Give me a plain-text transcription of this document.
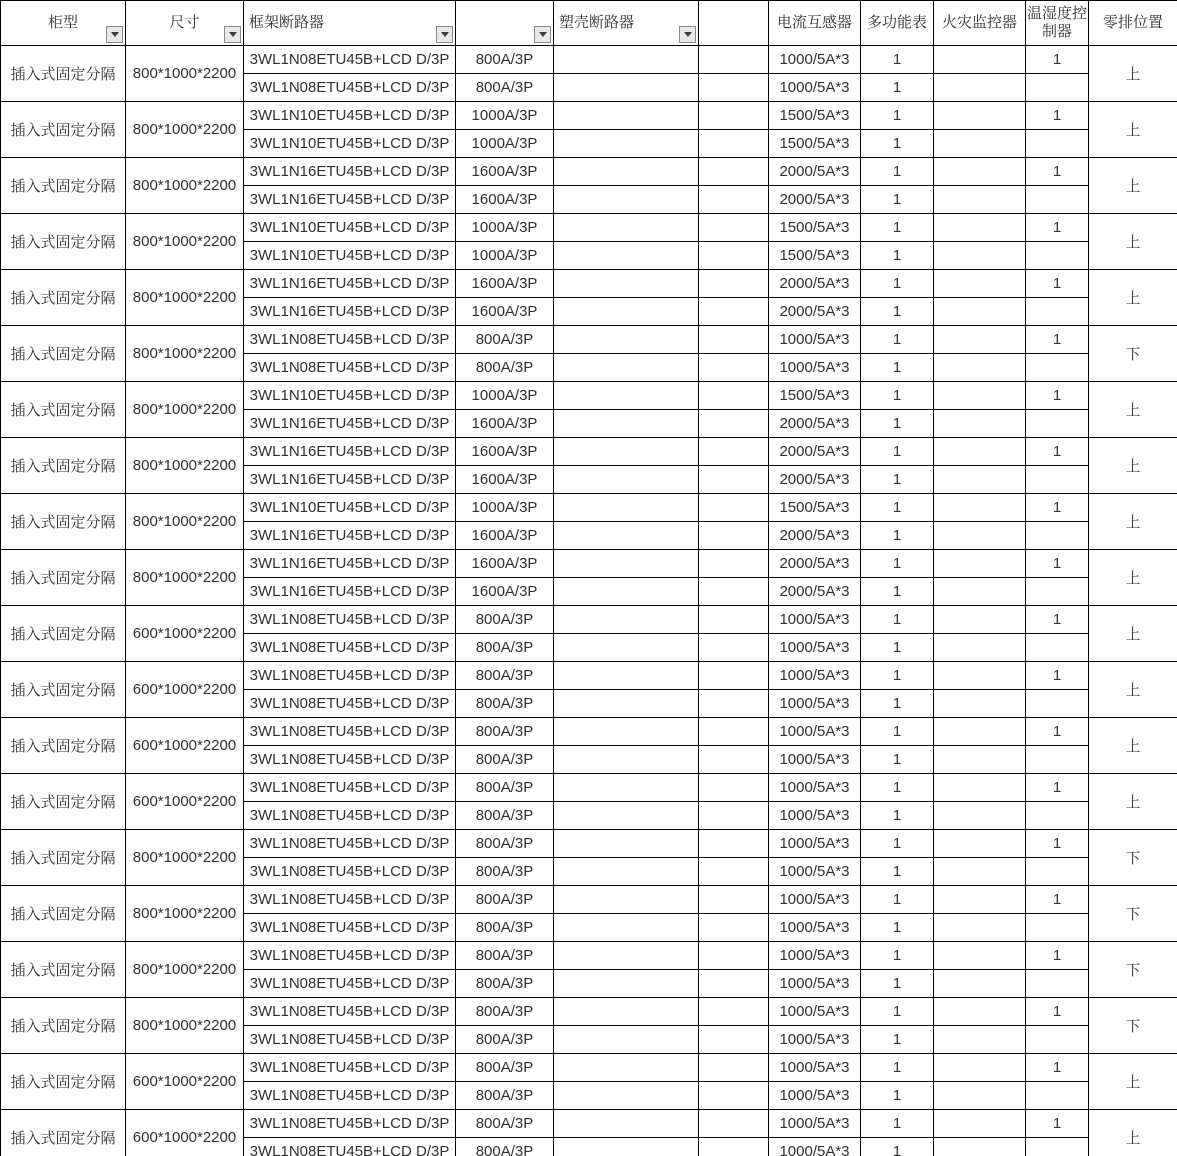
柜型	尺寸	框架断路器		塑壳断路器		电流互感器	多功能表	火灾监控器	温湿度控制器	零排位置
插入式固定分隔	800*1000*2200	3WL1N08ETU45B+LCD D/3P	800A/3P			1000/5A*3	1		1	上
		3WL1N08ETU45B+LCD D/3P	800A/3P			1000/5A*3	1			
插入式固定分隔	800*1000*2200	3WL1N10ETU45B+LCD D/3P	1000A/3P			1500/5A*3	1		1	上
		3WL1N10ETU45B+LCD D/3P	1000A/3P			1500/5A*3	1			
插入式固定分隔	800*1000*2200	3WL1N16ETU45B+LCD D/3P	1600A/3P			2000/5A*3	1		1	上
		3WL1N16ETU45B+LCD D/3P	1600A/3P			2000/5A*3	1			
插入式固定分隔	800*1000*2200	3WL1N10ETU45B+LCD D/3P	1000A/3P			1500/5A*3	1		1	上
		3WL1N10ETU45B+LCD D/3P	1000A/3P			1500/5A*3	1			
插入式固定分隔	800*1000*2200	3WL1N16ETU45B+LCD D/3P	1600A/3P			2000/5A*3	1		1	上
		3WL1N16ETU45B+LCD D/3P	1600A/3P			2000/5A*3	1			
插入式固定分隔	800*1000*2200	3WL1N08ETU45B+LCD D/3P	800A/3P			1000/5A*3	1		1	下
		3WL1N08ETU45B+LCD D/3P	800A/3P			1000/5A*3	1			
插入式固定分隔	800*1000*2200	3WL1N10ETU45B+LCD D/3P	1000A/3P			1500/5A*3	1		1	上
		3WL1N16ETU45B+LCD D/3P	1600A/3P			2000/5A*3	1			
插入式固定分隔	800*1000*2200	3WL1N16ETU45B+LCD D/3P	1600A/3P			2000/5A*3	1		1	上
		3WL1N16ETU45B+LCD D/3P	1600A/3P			2000/5A*3	1			
插入式固定分隔	800*1000*2200	3WL1N10ETU45B+LCD D/3P	1000A/3P			1500/5A*3	1		1	上
		3WL1N16ETU45B+LCD D/3P	1600A/3P			2000/5A*3	1			
插入式固定分隔	800*1000*2200	3WL1N16ETU45B+LCD D/3P	1600A/3P			2000/5A*3	1		1	上
		3WL1N16ETU45B+LCD D/3P	1600A/3P			2000/5A*3	1			
插入式固定分隔	600*1000*2200	3WL1N08ETU45B+LCD D/3P	800A/3P			1000/5A*3	1		1	上
		3WL1N08ETU45B+LCD D/3P	800A/3P			1000/5A*3	1			
插入式固定分隔	600*1000*2200	3WL1N08ETU45B+LCD D/3P	800A/3P			1000/5A*3	1		1	上
		3WL1N08ETU45B+LCD D/3P	800A/3P			1000/5A*3	1			
插入式固定分隔	600*1000*2200	3WL1N08ETU45B+LCD D/3P	800A/3P			1000/5A*3	1		1	上
		3WL1N08ETU45B+LCD D/3P	800A/3P			1000/5A*3	1			
插入式固定分隔	600*1000*2200	3WL1N08ETU45B+LCD D/3P	800A/3P			1000/5A*3	1		1	上
		3WL1N08ETU45B+LCD D/3P	800A/3P			1000/5A*3	1			
插入式固定分隔	800*1000*2200	3WL1N08ETU45B+LCD D/3P	800A/3P			1000/5A*3	1		1	下
		3WL1N08ETU45B+LCD D/3P	800A/3P			1000/5A*3	1			
插入式固定分隔	800*1000*2200	3WL1N08ETU45B+LCD D/3P	800A/3P			1000/5A*3	1		1	下
		3WL1N08ETU45B+LCD D/3P	800A/3P			1000/5A*3	1			
插入式固定分隔	800*1000*2200	3WL1N08ETU45B+LCD D/3P	800A/3P			1000/5A*3	1		1	下
		3WL1N08ETU45B+LCD D/3P	800A/3P			1000/5A*3	1			
插入式固定分隔	800*1000*2200	3WL1N08ETU45B+LCD D/3P	800A/3P			1000/5A*3	1		1	下
		3WL1N08ETU45B+LCD D/3P	800A/3P			1000/5A*3	1			
插入式固定分隔	600*1000*2200	3WL1N08ETU45B+LCD D/3P	800A/3P			1000/5A*3	1		1	上
		3WL1N08ETU45B+LCD D/3P	800A/3P			1000/5A*3	1			
插入式固定分隔	600*1000*2200	3WL1N08ETU45B+LCD D/3P	800A/3P			1000/5A*3	1		1	上
		3WL1N08ETU45B+LCD D/3P	800A/3P			1000/5A*3	1			
